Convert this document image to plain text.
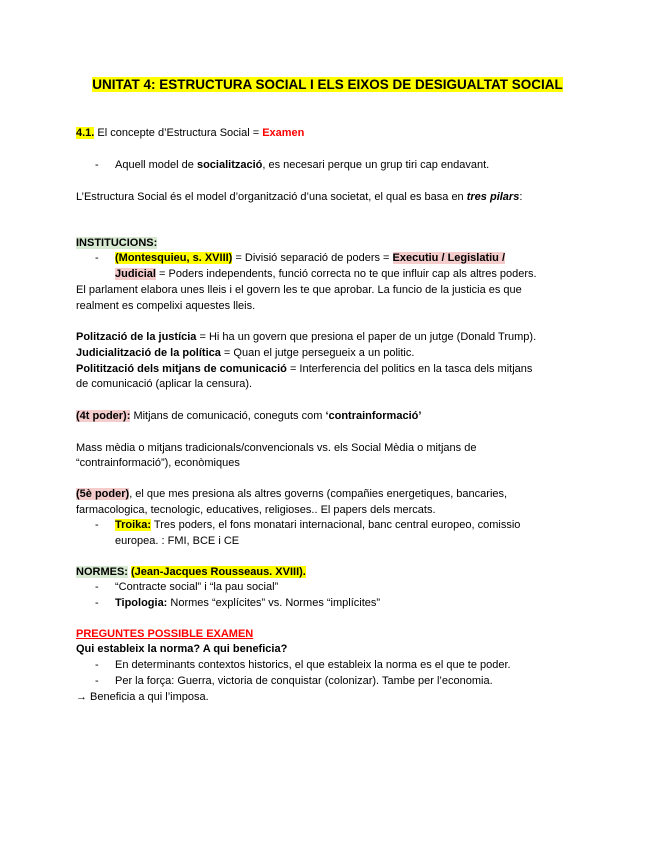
UNITAT 4: ESTRUCTURA SOCIAL I ELS EIXOS DE DESIGUALTAT SOCIAL
4.1. El concepte d’Estructura Social = Examen
- Aquell model de socialització, es necesari perque un grup tiri cap endavant.
L’Estructura Social és el model d’organització d’una societat, el qual es basa en tres pilars:
INSTITUCIONS:
- (Montesquieu, s. XVIII) = Divisió separació de poders = Executiu / Legislatiu /
Judicial = Poders independents, funció correcta no te que influir cap als altres poders.
El parlament elabora unes lleis i el govern les te que aprobar. La funcio de la justicia es que
realment es compelixi aquestes lleis.
Polització de la justícia = Hi ha un govern que presiona el paper de un jutge (Donald Trump).
Judicialització de la política = Quan el jutge persegueix a un politic.
Politització dels mitjans de comunicació = Interferencia del politics en la tasca dels mitjans
de comunicació (aplicar la censura).
(4t poder): Mitjans de comunicació, coneguts com ‘contrainformació’
Mass mèdia o mitjans tradicionals/convencionals vs. els Social Mèdia o mitjans de
“contrainformació”), econòmiques
(5è poder), el que mes presiona als altres governs (compañies energetiques, bancaries,
farmacologica, tecnologic, educatives, religioses.. El papers dels mercats.
- Troika: Tres poders, el fons monatari internacional, banc central europeo, comissio
europea. : FMI, BCE i CE
NORMES: (Jean-Jacques Rousseaus. XVIII).
- “Contracte social” i “la pau social”
- Tipologia: Normes “explícites” vs. Normes “implícites”
PREGUNTES POSSIBLE EXAMEN
Qui estableix la norma? A qui beneficia?
- En determinants contextos historics, el que estableix la norma es el que te poder.
- Per la força: Guerra, victoria de conquistar (colonizar). Tambe per l’economia.
→ Beneficia a qui l’imposa.
